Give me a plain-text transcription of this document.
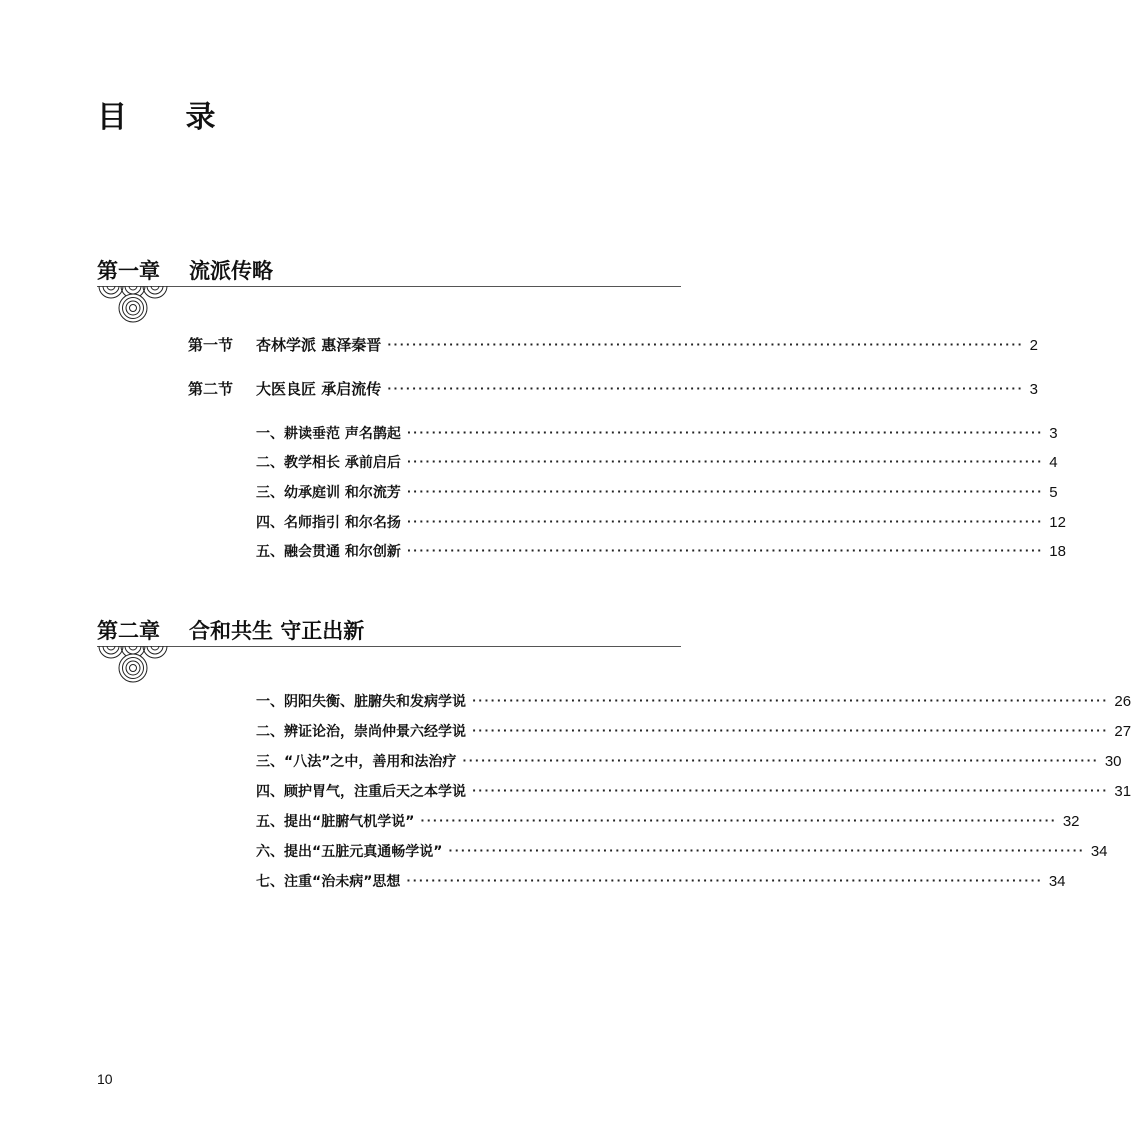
目 录
第一章 流派传略
第一节 杏林学派 惠泽秦晋 ······································································································· 2
第二节 大医良匠 承启流传 ······································································································· 3
一、耕读垂范 声名鹊起 ······································································································· 3
二、教学相长 承前启后 ······································································································· 4
三、幼承庭训 和尔流芳 ······································································································· 5
四、名师指引 和尔名扬 ······································································································· 12
五、融会贯通 和尔创新 ······································································································· 18
第二章 合和共生 守正出新
一、阴阳失衡、脏腑失和发病学说 ······································································································· 26
二、辨证论治，崇尚仲景六经学说 ······································································································· 27
三、“八法”之中，善用和法治疗 ······································································································· 30
四、顾护胃气，注重后天之本学说 ······································································································· 31
五、提出“脏腑气机学说” ······································································································· 32
六、提出“五脏元真通畅学说” ······································································································· 34
七、注重“治未病”思想 ······································································································· 34
10
